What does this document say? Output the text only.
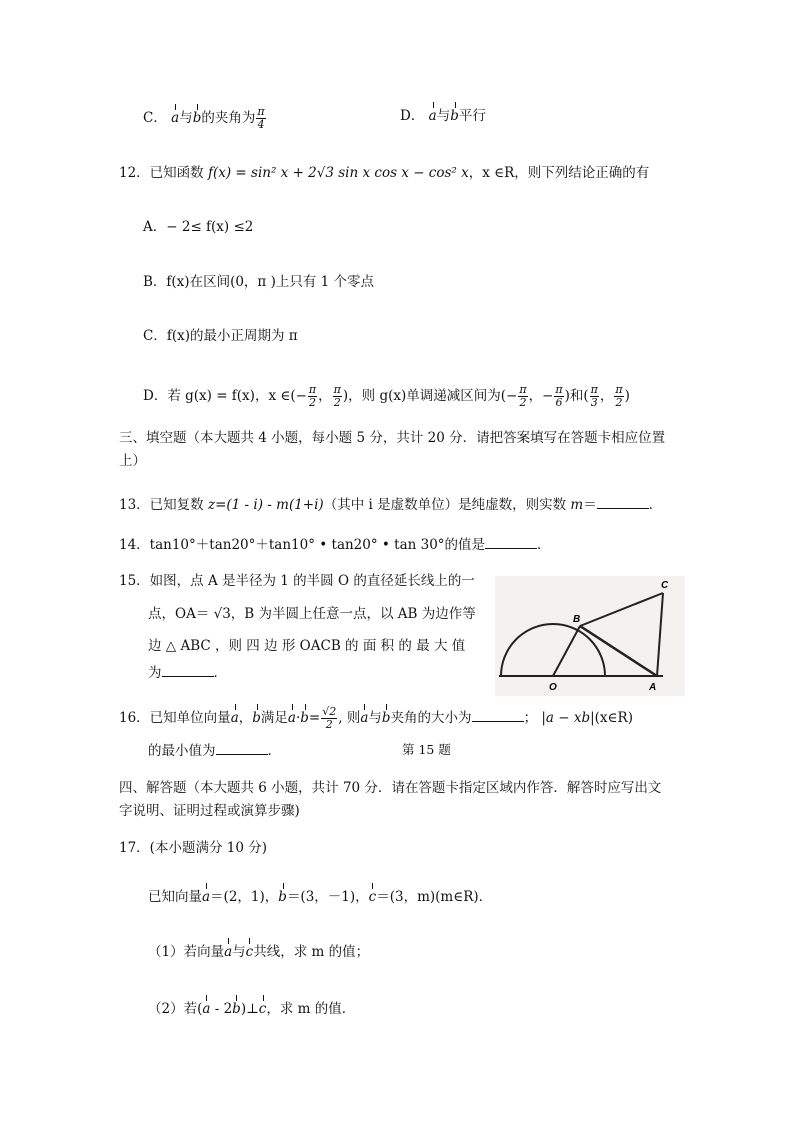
C． a与b的夹角为 $\frac{\pi}{4}$	D． a与b平行
12．已知函数 f(x) = sin² x + 2√3 sin x cos x − cos² x，x ∈R，则下列结论正确的有
A．− 2≤ f(x) ≤2
B．f(x)在区间(0，π )上只有 1 个零点
C．f(x)的最小正周期为 π
D．若 g(x) = f(x)，x ∈(− $\frac{\pi}{2}$ ， $\frac{\pi}{2}$ )，则 g(x)单调递减区间为(− $\frac{\pi}{2}$ ，− $\frac{\pi}{6}$ )和( $\frac{\pi}{3}$ ， $\frac{\pi}{2}$ )
三、填空题（本大题共 4 小题，每小题 5 分，共计 20 分．请把答案填写在答题卡相应位置
上）
13．已知复数 z=(1 - i) - m(1+i)（其中 i 是虚数单位）是纯虚数，则实数 m＝	．
14．tan10°＋tan20°＋tan10° • tan20° • tan 30°的值是	．
15．如图，点 A 是半径为 1 的半圆 O 的直径延长线上的一
点，OA＝ √3，B 为半圆上任意一点，以 AB 为边作等
边 △ ABC ，则 四 边 形 OACB 的 面 积 的 最 大 值
为	．
C
B
O	A
16．已知单位向量a，b满足$a\cdot b= \frac{√2}{2}$ , 则a与b夹角的大小为	； |a − xb|(x∈R)
的最小值为	．	第 15 题
四、解答题（本大题共 6 小题，共计 70 分．请在答题卡指定区域内作答．解答时应写出文
字说明、证明过程或演算步骤)
17．(本小题满分 10 分)
已知向量a＝(2，1)，b＝(3，－1)，c＝(3，m)(m∈R)．
（1）若向量a与c共线，求 m 的值；
（2）若(a - 2b)⊥c，求 m 的值．
